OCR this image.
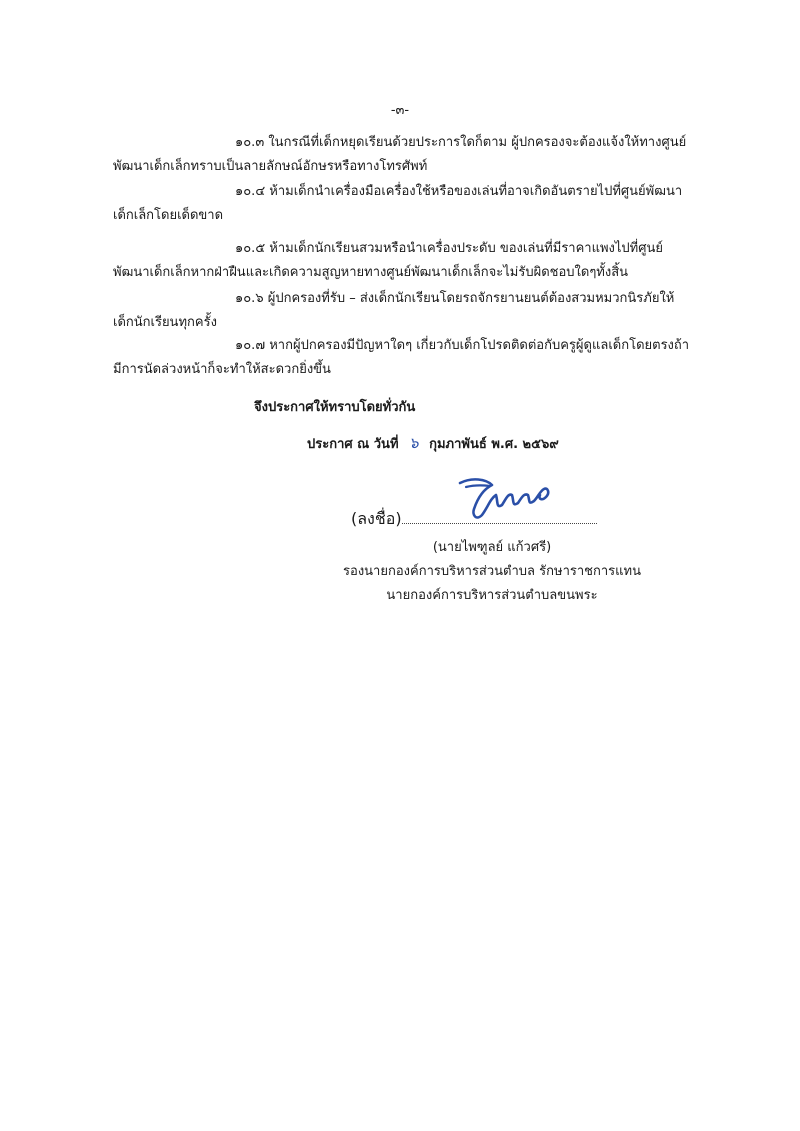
-๓-

๑๐.๓ ในกรณีที่เด็กหยุดเรียนด้วยประการใดก็ตาม ผู้ปกครองจะต้องแจ้งให้ทางศูนย์
พัฒนาเด็กเล็กทราบเป็นลายลักษณ์อักษรหรือทางโทรศัพท์

๑๐.๔ ห้ามเด็กนำเครื่องมือเครื่องใช้หรือของเล่นที่อาจเกิดอันตรายไปที่ศูนย์พัฒนา
เด็กเล็กโดยเด็ดขาด

๑๐.๕ ห้ามเด็กนักเรียนสวมหรือนำเครื่องประดับ ของเล่นที่มีราคาแพงไปที่ศูนย์
พัฒนาเด็กเล็กหากฝ่าฝืนและเกิดความสูญหายทางศูนย์พัฒนาเด็กเล็กจะไม่รับผิดชอบใดๆทั้งสิ้น

๑๐.๖ ผู้ปกครองที่รับ – ส่งเด็กนักเรียนโดยรถจักรยานยนต์ต้องสวมหมวกนิรภัยให้
เด็กนักเรียนทุกครั้ง

๑๐.๗ หากผู้ปกครองมีปัญหาใดๆ เกี่ยวกับเด็กโปรดติดต่อกับครูผู้ดูแลเด็กโดยตรงถ้า
มีการนัดล่วงหน้าก็จะทำให้สะดวกยิ่งขึ้น

จึงประกาศให้ทราบโดยทั่วกัน
ประกาศ ณ วันที่ ๖ กุมภาพันธ์ พ.ศ. ๒๕๖๙
(ลงชื่อ)
(นายไพฑูลย์ แก้วศรี)
รองนายกองค์การบริหารส่วนตำบล รักษาราชการแทน
นายกองค์การบริหารส่วนตำบลขนพระ
